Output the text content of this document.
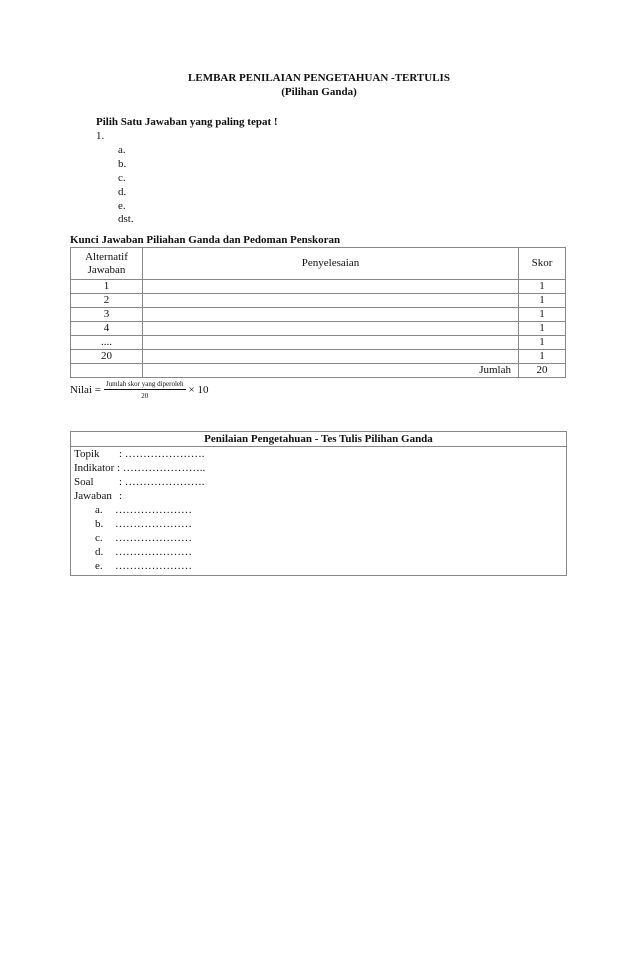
LEMBAR PENILAIAN PENGETAHUAN -TERTULIS
(Pilihan Ganda)
Pilih Satu Jawaban yang paling tepat !
1.
a.
b.
c.
d.
e.
dst.
Kunci Jawaban Piliahan Ganda dan Pedoman Penskoran
Alternatif
Jawaban	Penyelesaian	Skor
1		1
2		1
3		1
4		1
....		1
20		1
	Jumlah	20
Nilai = Jumlah skor yang diperoleh
20	× 10
Penilaian Pengetahuan - Tes Tulis Pilihan Ganda
Topik : ………………….
Indikator : …………………..
Soal : ………………….
Jawaban :
a. …………………
b. …………………
c. …………………
d. …………………
e. …………………
